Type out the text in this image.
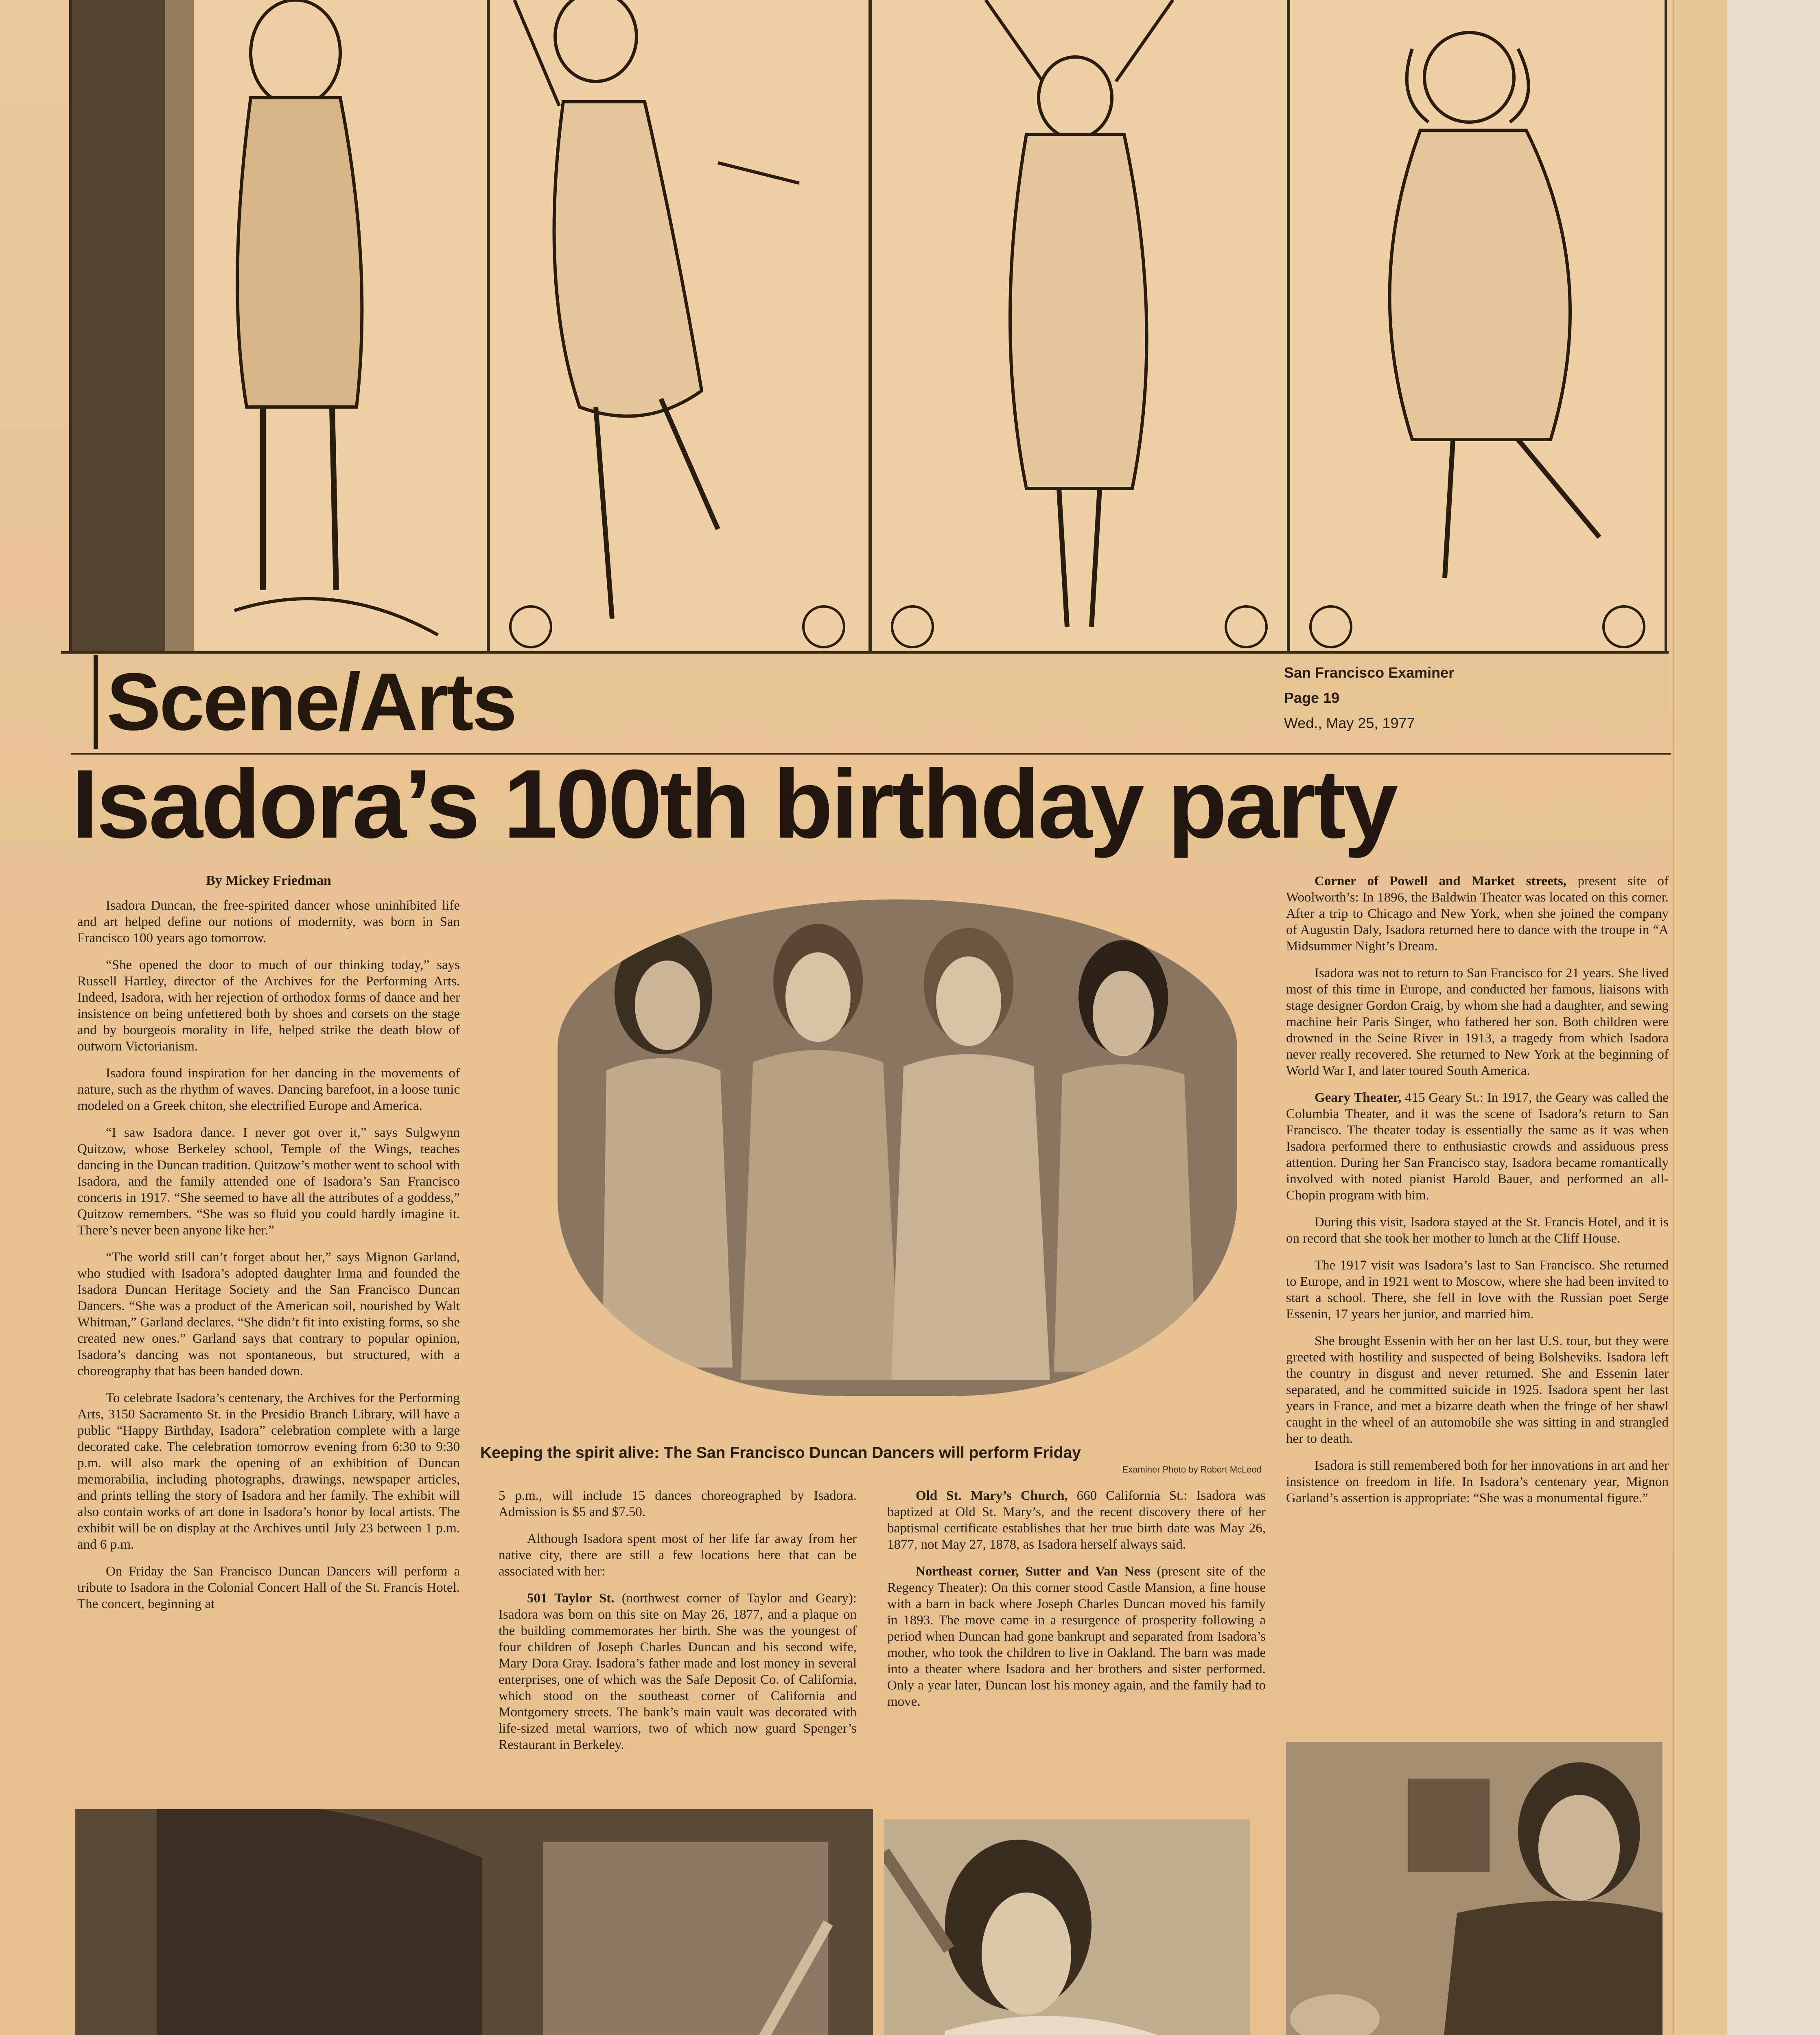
Scene/Arts	San Francisco Examiner
Page 19
Wed., May 25, 1977
Isadora’s 100th birthday party
By Mickey Friedman

Isadora Duncan, the free-spirited dancer whose uninhibited life and art helped define our notions of modernity, was born in San Francisco 100 years ago tomorrow.

“She opened the door to much of our thinking today,” says Russell Hartley, director of the Archives for the Performing Arts. Indeed, Isadora, with her rejection of orthodox forms of dance and her insistence on being unfettered both by shoes and corsets on the stage and by bourgeois morality in life, helped strike the death blow of outworn Victorianism.

Isadora found inspiration for her dancing in the movements of nature, such as the rhythm of waves. Dancing barefoot, in a loose tunic modeled on a Greek chiton, she electrified Europe and America.

“I saw Isadora dance. I never got over it,” says Sulgwynn Quitzow, whose Berkeley school, Temple of the Wings, teaches dancing in the Duncan tradition. Quitzow’s mother went to school with Isadora, and the family attended one of Isadora’s San Francisco concerts in 1917. “She seemed to have all the attributes of a goddess,” Quitzow remembers. “She was so fluid you could hardly imagine it. There’s never been anyone like her.”

“The world still can’t forget about her,” says Mignon Garland, who studied with Isadora’s adopted daughter Irma and founded the Isadora Duncan Heritage Society and the San Francisco Duncan Dancers. “She was a product of the American soil, nourished by Walt Whitman,” Garland declares. “She didn’t fit into existing forms, so she created new ones.” Garland says that contrary to popular opinion, Isadora’s dancing was not spontaneous, but structured, with a choreography that has been handed down.

To celebrate Isadora’s centenary, the Archives for the Performing Arts, 3150 Sacramento St. in the Presidio Branch Library, will have a public “Happy Birthday, Isadora” celebration complete with a large decorated cake. The celebration tomorrow evening from 6:30 to 9:30 p.m. will also mark the opening of an exhibition of Duncan memorabilia, including photographs, drawings, newspaper articles, and prints telling the story of Isadora and her family. The exhibit will also contain works of art done in Isadora’s honor by local artists. The exhibit will be on display at the Archives until July 23 between 1 p.m. and 6 p.m.

On Friday the San Francisco Duncan Dancers will perform a tribute to Isadora in the Colonial Concert Hall of the St. Francis Hotel. The concert, beginning at

Keeping the spirit alive: The San Francisco Duncan Dancers will perform Friday
Examiner Photo by Robert McLeod

5 p.m., will include 15 dances choreographed by Isadora. Admission is $5 and $7.50.

Although Isadora spent most of her life far away from her native city, there are still a few locations here that can be associated with her:

501 Taylor St. (northwest corner of Taylor and Geary): Isadora was born on this site on May 26, 1877, and a plaque on the building commemorates her birth. She was the youngest of four children of Joseph Charles Duncan and his second wife, Mary Dora Gray. Isadora’s father made and lost money in several enterprises, one of which was the Safe Deposit Co. of California, which stood on the southeast corner of California and Montgomery streets. The bank’s main vault was decorated with life-sized metal warriors, two of which now guard Spenger’s Restaurant in Berkeley.

Old St. Mary’s Church, 660 California St.: Isadora was baptized at Old St. Mary’s, and the recent discovery there of her baptismal certificate establishes that her true birth date was May 26, 1877, not May 27, 1878, as Isadora herself always said.

Northeast corner, Sutter and Van Ness (present site of the Regency Theater): On this corner stood Castle Mansion, a fine house with a barn in back where Joseph Charles Duncan moved his family in 1893. The move came in a resurgence of prosperity following a period when Duncan had gone bankrupt and separated from Isadora’s mother, who took the children to live in Oakland. The barn was made into a theater where Isadora and her brothers and sister performed. Only a year later, Duncan lost his money again, and the family had to move.

Corner of Powell and Market streets, present site of Woolworth’s: In 1896, the Baldwin Theater was located on this corner. After a trip to Chicago and New York, when she joined the company of Augustin Daly, Isadora returned here to dance with the troupe in “A Midsummer Night’s Dream.

Isadora was not to return to San Francisco for 21 years. She lived most of this time in Europe, and conducted her famous, liaisons with stage designer Gordon Craig, by whom she had a daughter, and sewing machine heir Paris Singer, who fathered her son. Both children were drowned in the Seine River in 1913, a tragedy from which Isadora never really recovered. She returned to New York at the beginning of World War I, and later toured South America.

Geary Theater, 415 Geary St.: In 1917, the Geary was called the Columbia Theater, and it was the scene of Isadora’s return to San Francisco. The theater today is essentially the same as it was when Isadora performed there to enthusiastic crowds and assiduous press attention. During her San Francisco stay, Isadora became romantically involved with noted pianist Harold Bauer, and performed an all-Chopin program with him.

During this visit, Isadora stayed at the St. Francis Hotel, and it is on record that she took her mother to lunch at the Cliff House.

The 1917 visit was Isadora’s last to San Francisco. She returned to Europe, and in 1921 went to Moscow, where she had been invited to start a school. There, she fell in love with the Russian poet Serge Essenin, 17 years her junior, and married him.

She brought Essenin with her on her last U.S. tour, but they were greeted with hostility and suspected of being Bolsheviks. Isadora left the country in disgust and never returned. She and Essenin later separated, and he committed suicide in 1925. Isadora spent her last years in France, and met a bizarre death when the fringe of her shawl caught in the wheel of an automobile she was sitting in and strangled her to death.

Isadora is still remembered both for her innovations in art and her insistence on freedom in life. In Isadora’s centenary year, Mignon Garland’s assertion is appropriate: “She was a monumental figure.”
